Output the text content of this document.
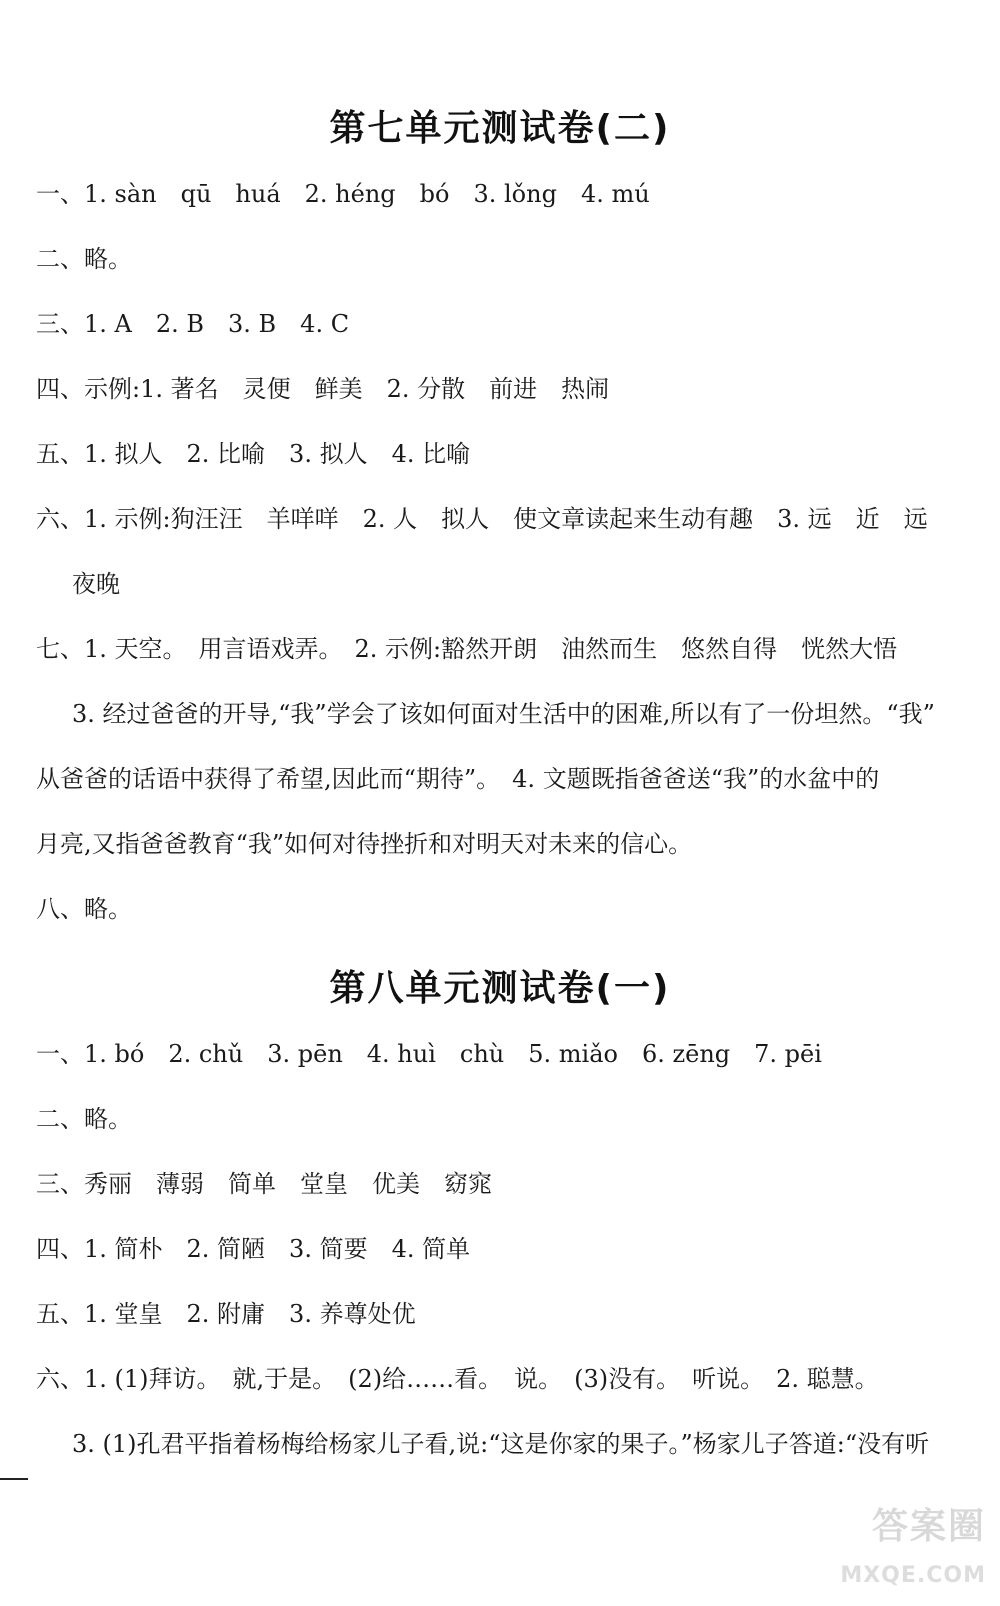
第七单元测试卷(二)
一、1. sàn　qū　huá　2. héng　bó　3. lǒng　4. mú
二、略。
三、1. A　2. B　3. B　4. C
四、示例:1. 著名　灵便　鲜美　2. 分散　前进　热闹
五、1. 拟人　2. 比喻　3. 拟人　4. 比喻
六、1. 示例:狗汪汪　羊咩咩　2. 人　拟人　使文章读起来生动有趣　3. 远　近　远
夜晚
七、1. 天空。　用言语戏弄。　2. 示例:豁然开朗　油然而生　悠然自得　恍然大悟
3. 经过爸爸的开导,“我”学会了该如何面对生活中的困难,所以有了一份坦然。“我”
从爸爸的话语中获得了希望,因此而“期待”。　4. 文题既指爸爸送“我”的水盆中的
月亮,又指爸爸教育“我”如何对待挫折和对明天对未来的信心。
八、略。
第八单元测试卷(一)
一、1. bó　2. chǔ　3. pēn　4. huì　chù　5. miǎo　6. zēng　7. pēi
二、略。
三、秀丽　薄弱　简单　堂皇　优美　窈窕
四、1. 简朴　2. 简陋　3. 简要　4. 简单
五、1. 堂皇　2. 附庸　3. 养尊处优
六、1. (1)拜访。　就,于是。　(2)给……看。　说。　(3)没有。　听说。　2. 聪慧。
3. (1)孔君平指着杨梅给杨家儿子看,说:“这是你家的果子。”杨家儿子答道:“没有听
答案圈
MXQE.COM
